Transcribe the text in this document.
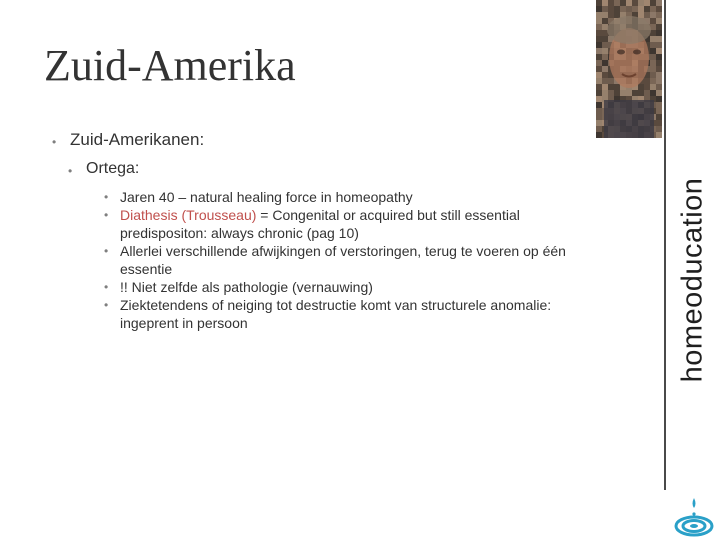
Zuid-Amerika
homeoducation
• Zuid-Amerikanen:
• Ortega:
• Jaren 40 – natural healing force in homeopathy
• Diathesis (Trousseau) = Congenital or acquired but still essential predispositon: always chronic (pag 10)
• Allerlei verschillende afwijkingen of verstoringen, terug te voeren op één essentie
• !! Niet zelfde als pathologie (vernauwing)
• Ziektetendens of neiging tot destructie komt van structurele anomalie: ingeprent in persoon
